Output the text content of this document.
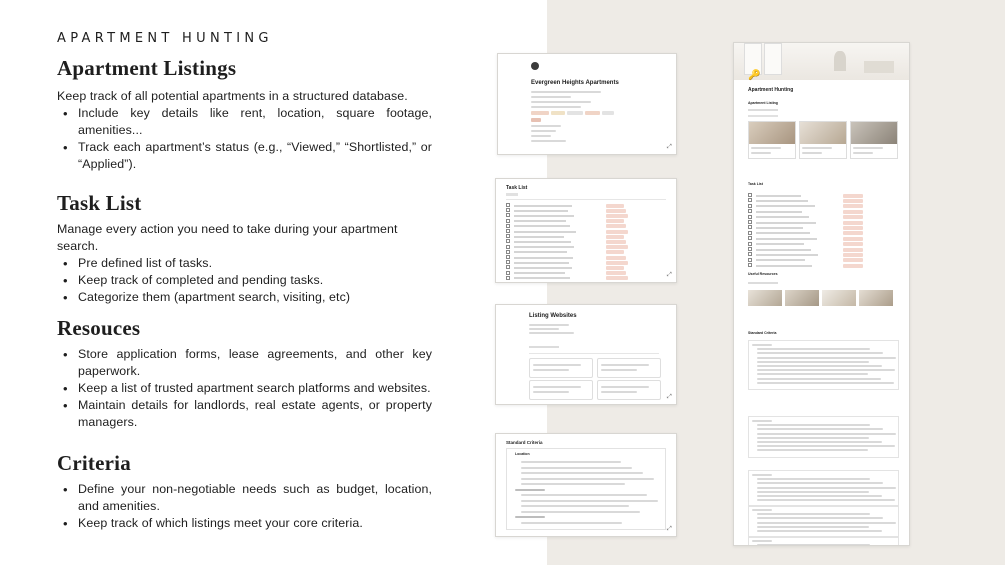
APARTMENT HUNTING
Apartment Listings
Keep track of all potential apartments in a structured database.
• Include key details like rent, location, square footage, amenities...
• Track each apartment’s status (e.g., “Viewed,” “Shortlisted,” or “Applied”).
Task List
Manage every action you need to take during your apartment search.
• Pre defined list of tasks.
• Keep track of completed and pending tasks.
• Categorize them (apartment search, visiting, etc)
Resouces
• Store application forms, lease agreements, and other key paperwork.
• Keep a list of trusted apartment search platforms and websites.
• Maintain details for landlords, real estate agents, or property managers.
Criteria
• Define your non-negotiable needs such as budget, location, and amenities.
• Keep track of which listings meet your core criteria.
Evergreen Heights Apartments
⤢
Task List
⤢
Listing Websites
⤢
Standard Criteria
Location
⤢
🔑
Apartment Hunting
Apartment Listing
Task List
Useful Resources
Standard Criteria
